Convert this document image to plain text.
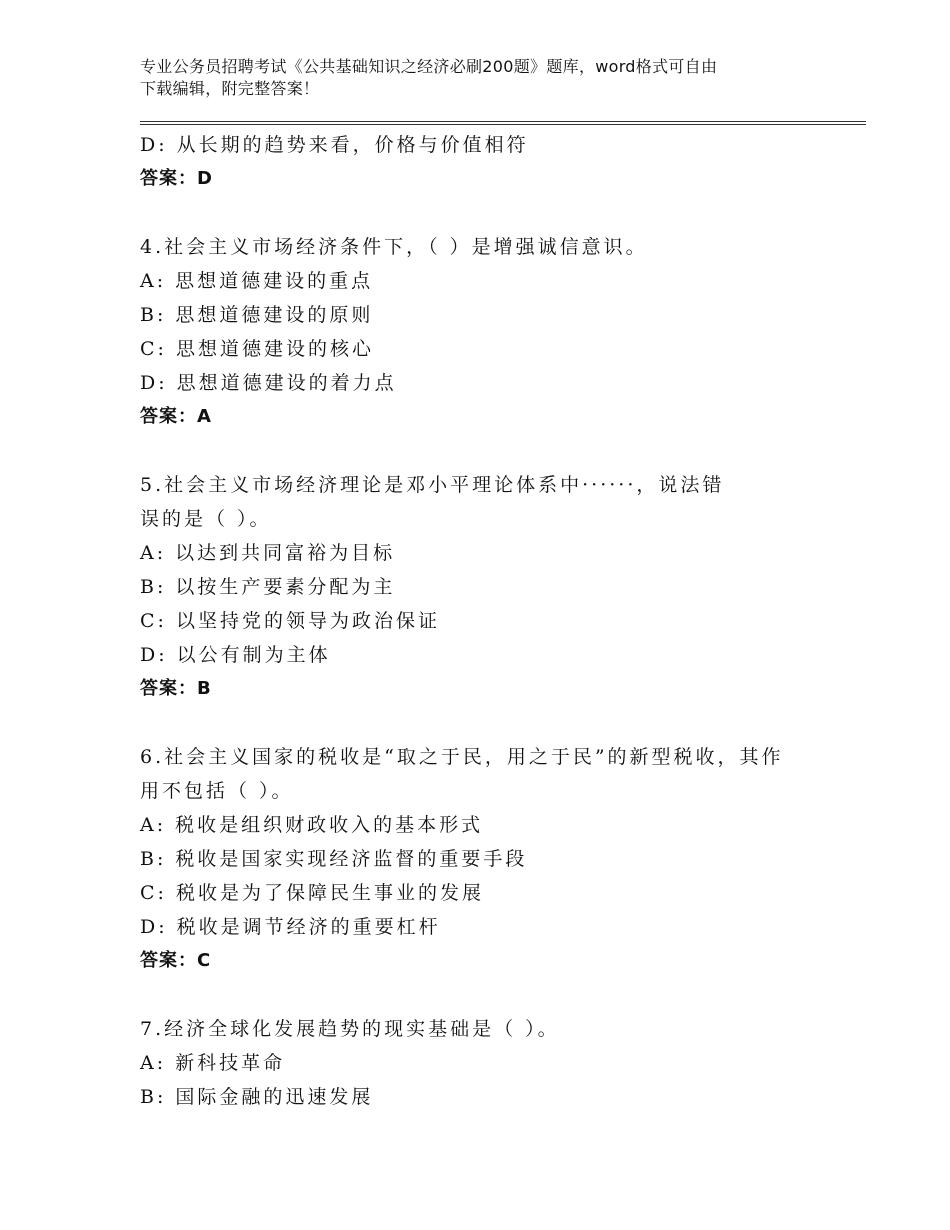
专业公务员招聘考试《公共基础知识之经济必刷200题》题库，word格式可自由
下载编辑，附完整答案！
D: 从长期的趋势来看，价格与价值相符
答案：D
4.社会主义市场经济条件下，（ ）是增强诚信意识。
A: 思想道德建设的重点
B: 思想道德建设的原则
C: 思想道德建设的核心
D: 思想道德建设的着力点
答案：A
5.社会主义市场经济理论是邓小平理论体系中······，说法错
误的是（ ）。
A: 以达到共同富裕为目标
B: 以按生产要素分配为主
C: 以坚持党的领导为政治保证
D: 以公有制为主体
答案：B
6.社会主义国家的税收是“取之于民，用之于民”的新型税收，其作
用不包括（ ）。
A: 税收是组织财政收入的基本形式
B: 税收是国家实现经济监督的重要手段
C: 税收是为了保障民生事业的发展
D: 税收是调节经济的重要杠杆
答案：C
7.经济全球化发展趋势的现实基础是（ ）。
A: 新科技革命
B: 国际金融的迅速发展
